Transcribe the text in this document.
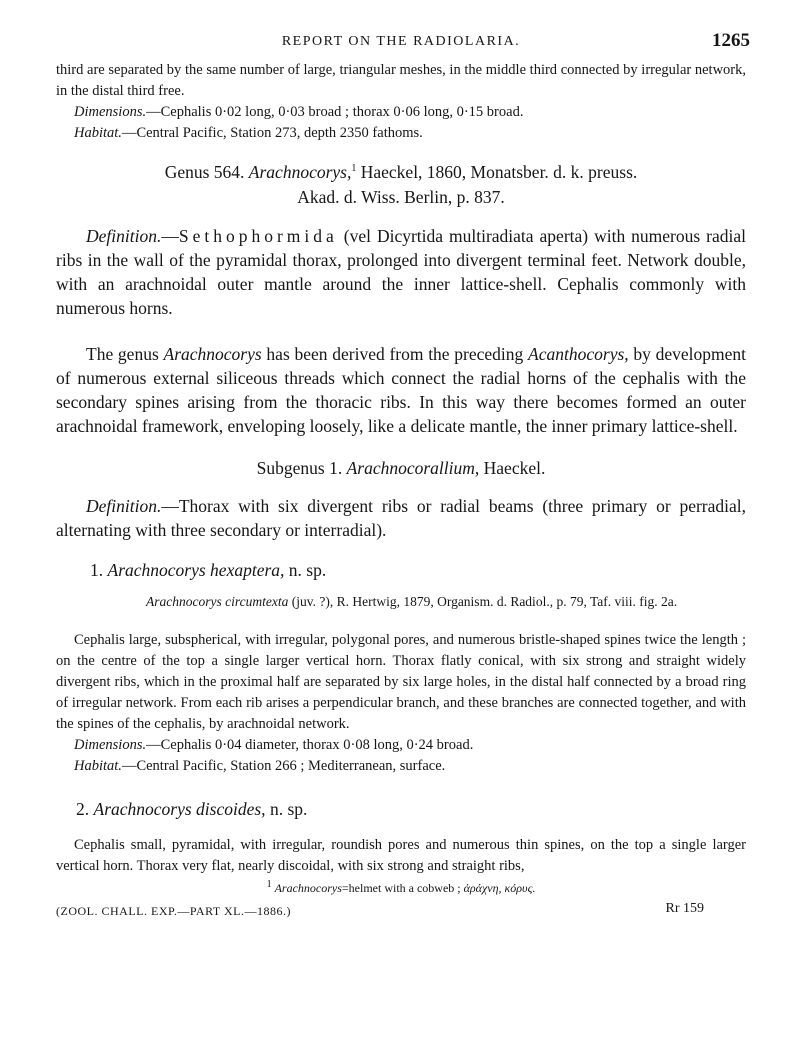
REPORT ON THE RADIOLARIA.	1265

third are separated by the same number of large, triangular meshes, in the middle third connected by irregular network, in the distal third free.

Dimensions.—Cephalis 0·02 long, 0·03 broad ; thorax 0·06 long, 0·15 broad.

Habitat.—Central Pacific, Station 273, depth 2350 fathoms.

Genus 564. Arachnocorys,$^1$ Haeckel, 1860, Monatsber. d. k. preuss.
Akad. d. Wiss. Berlin, p. 837.

Definition.—Sethophormida (vel Dicyrtida multiradiata aperta) with numerous radial ribs in the wall of the pyramidal thorax, prolonged into divergent terminal feet. Network double, with an arachnoidal outer mantle around the inner lattice-shell. Cephalis commonly with numerous horns.

The genus Arachnocorys has been derived from the preceding Acanthocorys, by development of numerous external siliceous threads which connect the radial horns of the cephalis with the secondary spines arising from the thoracic ribs. In this way there becomes formed an outer arachnoidal framework, enveloping loosely, like a delicate mantle, the inner primary lattice-shell.

Subgenus 1. Arachnocorallium, Haeckel.

Definition.—Thorax with six divergent ribs or radial beams (three primary or perradial, alternating with three secondary or interradial).

1. Arachnocorys hexaptera, n. sp.

Arachnocorys circumtexta (juv. ?), R. Hertwig, 1879, Organism. d. Radiol., p. 79, Taf. viii. fig. 2a.

Cephalis large, subspherical, with irregular, polygonal pores, and numerous bristle-shaped spines twice the length ; on the centre of the top a single larger vertical horn. Thorax flatly conical, with six strong and straight widely divergent ribs, which in the proximal half are separated by six large holes, in the distal half connected by a broad ring of irregular network. From each rib arises a perpendicular branch, and these branches are connected together, and with the spines of the cephalis, by arachnoidal network.

Dimensions.—Cephalis 0·04 diameter, thorax 0·08 long, 0·24 broad.

Habitat.—Central Pacific, Station 266 ; Mediterranean, surface.

2. Arachnocorys discoides, n. sp.

Cephalis small, pyramidal, with irregular, roundish pores and numerous thin spines, on the top a single larger vertical horn. Thorax very flat, nearly discoidal, with six strong and straight ribs,

$^1$ Arachnocorys=helmet with a cobweb ; ἀράχνη, κόρυς.
(ZOOL. CHALL. EXP.—PART XL.—1886.)	Rr 159
